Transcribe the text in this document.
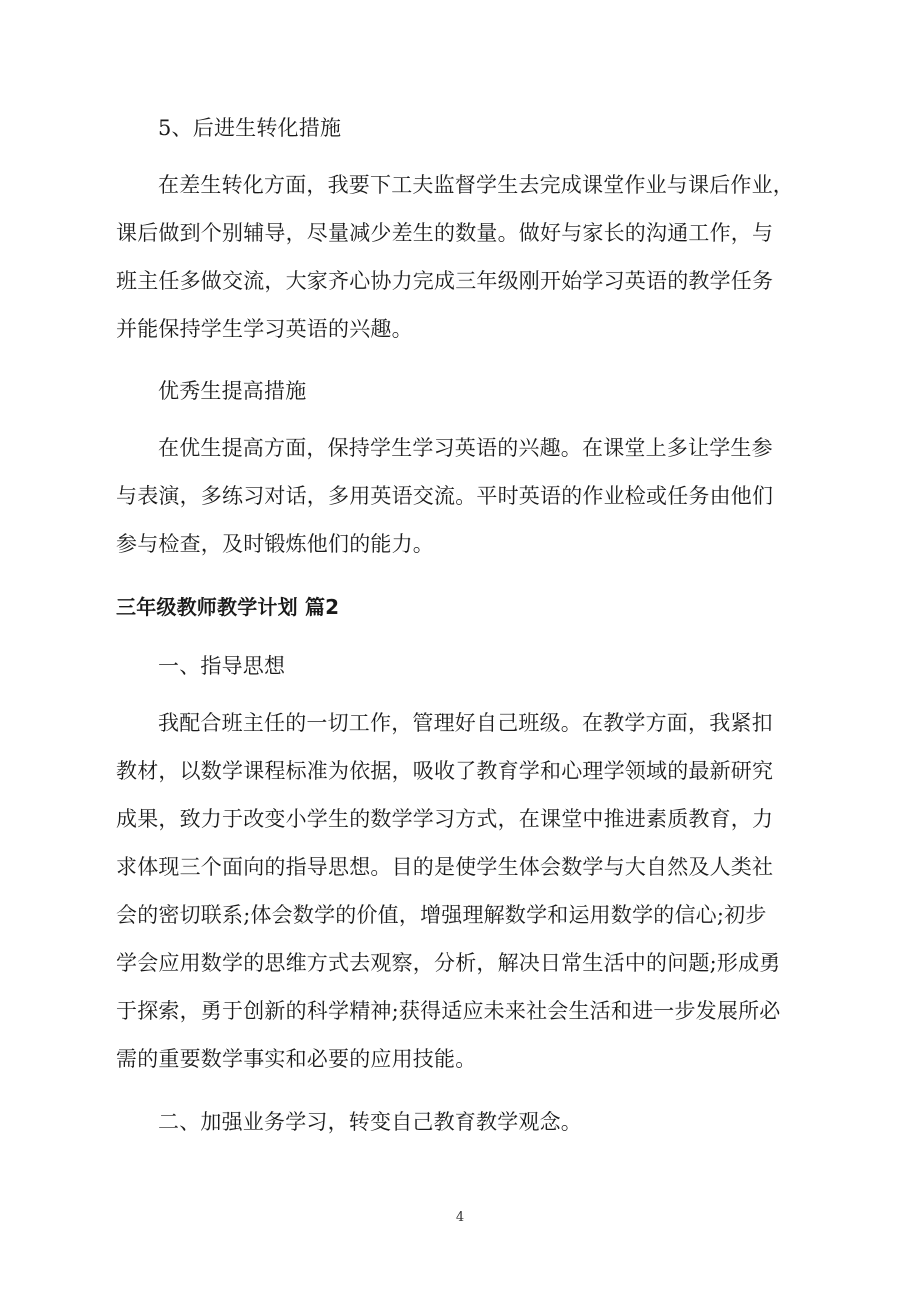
5、后进生转化措施
在差生转化方面，我要下工夫监督学生去完成课堂作业与课后作业，
课后做到个别辅导，尽量减少差生的数量。做好与家长的沟通工作，与
班主任多做交流，大家齐心协力完成三年级刚开始学习英语的教学任务
并能保持学生学习英语的兴趣。
优秀生提高措施
在优生提高方面，保持学生学习英语的兴趣。在课堂上多让学生参
与表演，多练习对话，多用英语交流。平时英语的作业检或任务由他们
参与检查，及时锻炼他们的能力。
三年级教师教学计划 篇2
一、指导思想
我配合班主任的一切工作，管理好自己班级。在教学方面，我紧扣
教材，以数学课程标准为依据，吸收了教育学和心理学领域的最新研究
成果，致力于改变小学生的数学学习方式，在课堂中推进素质教育，力
求体现三个面向的指导思想。目的是使学生体会数学与大自然及人类社
会的密切联系;体会数学的价值，增强理解数学和运用数学的信心;初步
学会应用数学的思维方式去观察，分析，解决日常生活中的问题;形成勇
于探索，勇于创新的科学精神;获得适应未来社会生活和进一步发展所必
需的重要数学事实和必要的应用技能。
二、加强业务学习，转变自己教育教学观念。
4
